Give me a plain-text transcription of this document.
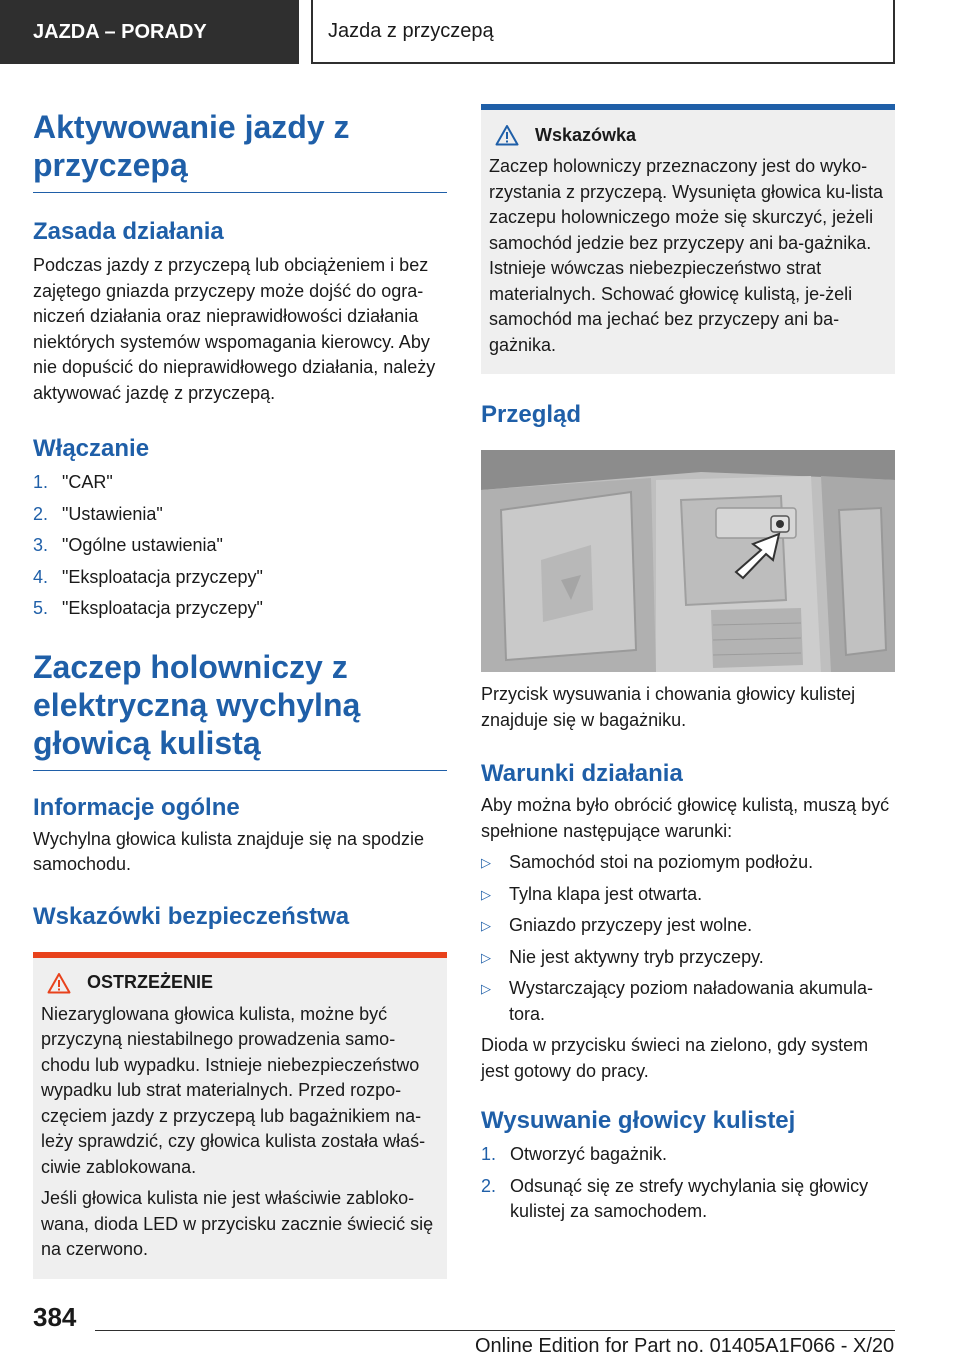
JAZDA – PORADY	Jazda z przyczepą
Aktywowanie jazdy z przyczepą
Zasada działania

Podczas jazdy z przyczepą lub obciążeniem i bez zajętego gniazda przyczepy może dojść do ogra-niczeń działania oraz nieprawidłowości działania niektórych systemów wspomagania kierowcy. Aby nie dopuścić do nieprawidłowego działania, należy aktywować jazdę z przyczepą.

Włączanie
1. "CAR"
2. "Ustawienia"
3. "Ogólne ustawienia"
4. "Eksploatacja przyczepy"
5. "Eksploatacja przyczepy"
Zaczep holowniczy z elektryczną wychylną głowicą kulistą
Informacje ogólne

Wychylna głowica kulista znajduje się na spodzie samochodu.

Wskazówki bezpieczeństwa
OSTRZEŻENIE

Niezaryglowana głowica kulista, możne być przyczyną niestabilnego prowadzenia samo-chodu lub wypadku. Istnieje niebezpieczeństwo wypadku lub strat materialnych. Przed rozpo-częciem jazdy z przyczepą lub bagażnikiem na-leży sprawdzić, czy głowica kulista została właś-ciwie zablokowana.

Jeśli głowica kulista nie jest właściwie zabloko-wana, dioda LED w przycisku zacznie świecić się na czerwono.

Wskazówka

Zaczep holowniczy przeznaczony jest do wyko-rzystania z przyczepą. Wysunięta głowica ku-lista zaczepu holowniczego może się skurczyć, jeżeli samochód jedzie bez przyczepy ani ba-gażnika. Istnieje wówczas niebezpieczeństwo strat materialnych. Schować głowicę kulistą, je-żeli samochód ma jechać bez przyczepy ani ba-gażnika.

Przegląd

Przycisk wysuwania i chowania głowicy kulistej znajduje się w bagażniku.

Warunki działania

Aby można było obrócić głowicę kulistą, muszą być spełnione następujące warunki:

▷	Samochód stoi na poziomym podłożu.
▷	Tylna klapa jest otwarta.
▷	Gniazdo przyczepy jest wolne.
▷	Nie jest aktywny tryb przyczepy.
▷	Wystarczający poziom naładowania akumula-tora.

Dioda w przycisku świeci na zielono, gdy system jest gotowy do pracy.

Wysuwanie głowicy kulistej
1. Otworzyć bagażnik.
2. Odsunąć się ze strefy wychylania się głowicy kulistej za samochodem.
384
Online Edition for Part no. 01405A1F066 - X/20
